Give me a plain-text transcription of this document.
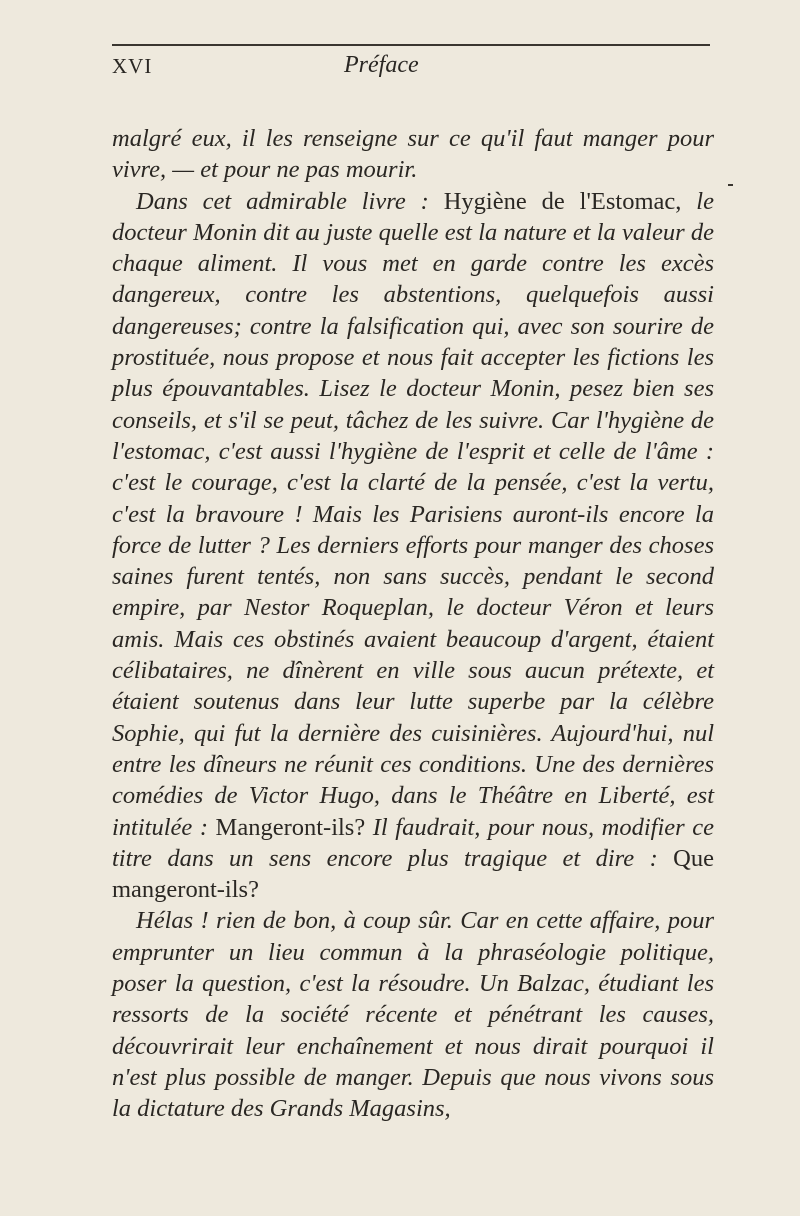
XVI	Préface

malgré eux, il les renseigne sur ce qu'il faut manger pour vivre, — et pour ne pas mourir.

Dans cet admirable livre : Hygiène de l'Estomac, le docteur Monin dit au juste quelle est la nature et la valeur de chaque aliment. Il vous met en garde contre les excès dangereux, contre les abstentions, quelquefois aussi dangereuses; contre la falsification qui, avec son sourire de prostituée, nous propose et nous fait accepter les fictions les plus épouvantables. Lisez le docteur Monin, pesez bien ses conseils, et s'il se peut, tâchez de les suivre. Car l'hygiène de l'estomac, c'est aussi l'hygiène de l'esprit et celle de l'âme : c'est le courage, c'est la clarté de la pensée, c'est la vertu, c'est la bravoure ! Mais les Parisiens auront-ils encore la force de lutter ? Les derniers efforts pour manger des choses saines furent tentés, non sans succès, pendant le second empire, par Nestor Roqueplan, le docteur Véron et leurs amis. Mais ces obstinés avaient beaucoup d'argent, étaient célibataires, ne dînèrent en ville sous aucun prétexte, et étaient soutenus dans leur lutte superbe par la célèbre Sophie, qui fut la dernière des cuisinières. Aujourd'hui, nul entre les dîneurs ne réunit ces conditions. Une des dernières comédies de Victor Hugo, dans le Théâtre en Liberté, est intitulée : Mangeront-ils? Il faudrait, pour nous, modifier ce titre dans un sens encore plus tragique et dire : Que mangeront-ils?

Hélas ! rien de bon, à coup sûr. Car en cette affaire, pour emprunter un lieu commun à la phraséologie politique, poser la question, c'est la résoudre. Un Balzac, étudiant les ressorts de la société récente et pénétrant les causes, découvrirait leur enchaînement et nous dirait pourquoi il n'est plus possible de manger. Depuis que nous vivons sous la dictature des Grands Magasins,
